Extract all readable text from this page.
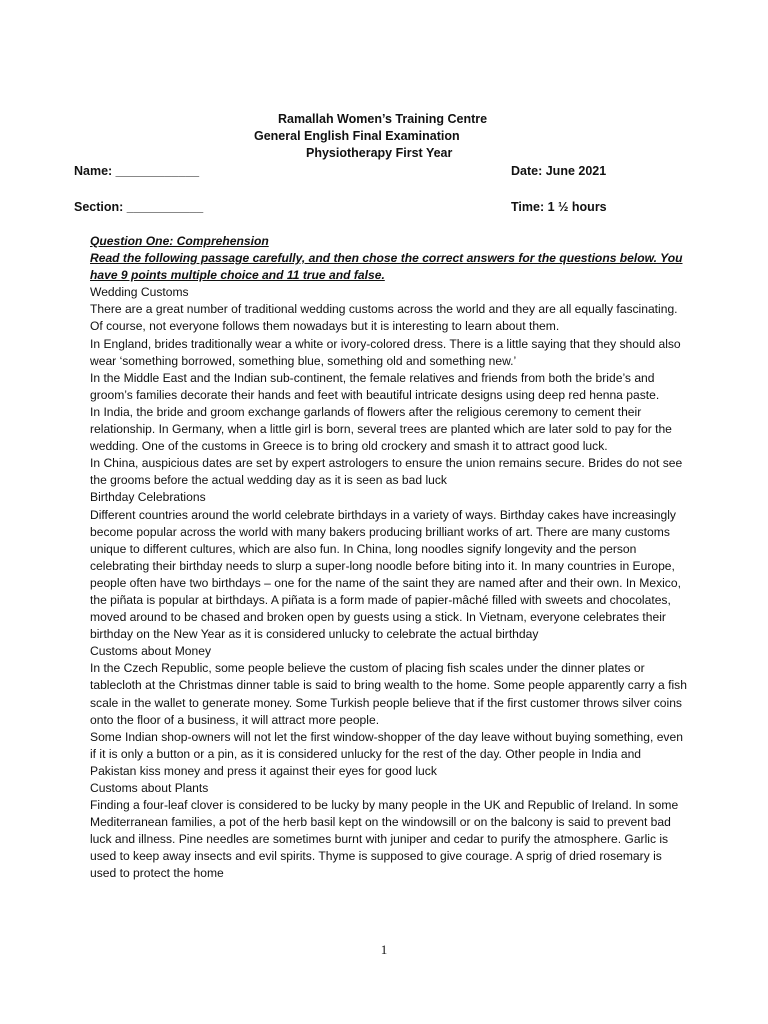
Ramallah Women’s Training Centre
General English Final Examination
Physiotherapy First Year
Name: ____________	Date: June 2021
Section: ___________	Time: 1 ½ hours

Question One: Comprehension

Read the following passage carefully, and then chose the correct answers for the questions below. You have 9 points multiple choice and 11 true and false.

Wedding Customs

There are a great number of traditional wedding customs across the world and they are all equally fascinating. Of course, not everyone follows them nowadays but it is interesting to learn about them.

In England, brides traditionally wear a white or ivory-colored dress. There is a little saying that they should also wear ‘something borrowed, something blue, something old and something new.’

In the Middle East and the Indian sub-continent, the female relatives and friends from both the bride’s and groom’s families decorate their hands and feet with beautiful intricate designs using deep red henna paste.

In India, the bride and groom exchange garlands of flowers after the religious ceremony to cement their relationship. In Germany, when a little girl is born, several trees are planted which are later sold to pay for the wedding. One of the customs in Greece is to bring old crockery and smash it to attract good luck.

In China, auspicious dates are set by expert astrologers to ensure the union remains secure. Brides do not see the grooms before the actual wedding day as it is seen as bad luck

Birthday Celebrations

Different countries around the world celebrate birthdays in a variety of ways. Birthday cakes have increasingly become popular across the world with many bakers producing brilliant works of art. There are many customs unique to different cultures, which are also fun. In China, long noodles signify longevity and the person celebrating their birthday needs to slurp a super-long noodle before biting into it. In many countries in Europe, people often have two birthdays – one for the name of the saint they are named after and their own. In Mexico, the piñata is popular at birthdays. A piñata is a form made of papier-mâché filled with sweets and chocolates, moved around to be chased and broken open by guests using a stick. In Vietnam, everyone celebrates their birthday on the New Year as it is considered unlucky to celebrate the actual birthday

Customs about Money

In the Czech Republic, some people believe the custom of placing fish scales under the dinner plates or tablecloth at the Christmas dinner table is said to bring wealth to the home. Some people apparently carry a fish scale in the wallet to generate money. Some Turkish people believe that if the first customer throws silver coins onto the floor of a business, it will attract more people.

Some Indian shop-owners will not let the first window-shopper of the day leave without buying something, even if it is only a button or a pin, as it is considered unlucky for the rest of the day. Other people in India and Pakistan kiss money and press it against their eyes for good luck

Customs about Plants

Finding a four-leaf clover is considered to be lucky by many people in the UK and Republic of Ireland. In some Mediterranean families, a pot of the herb basil kept on the windowsill or on the balcony is said to prevent bad luck and illness. Pine needles are sometimes burnt with juniper and cedar to purify the atmosphere. Garlic is used to keep away insects and evil spirits. Thyme is supposed to give courage. A sprig of dried rosemary is used to protect the home

1
